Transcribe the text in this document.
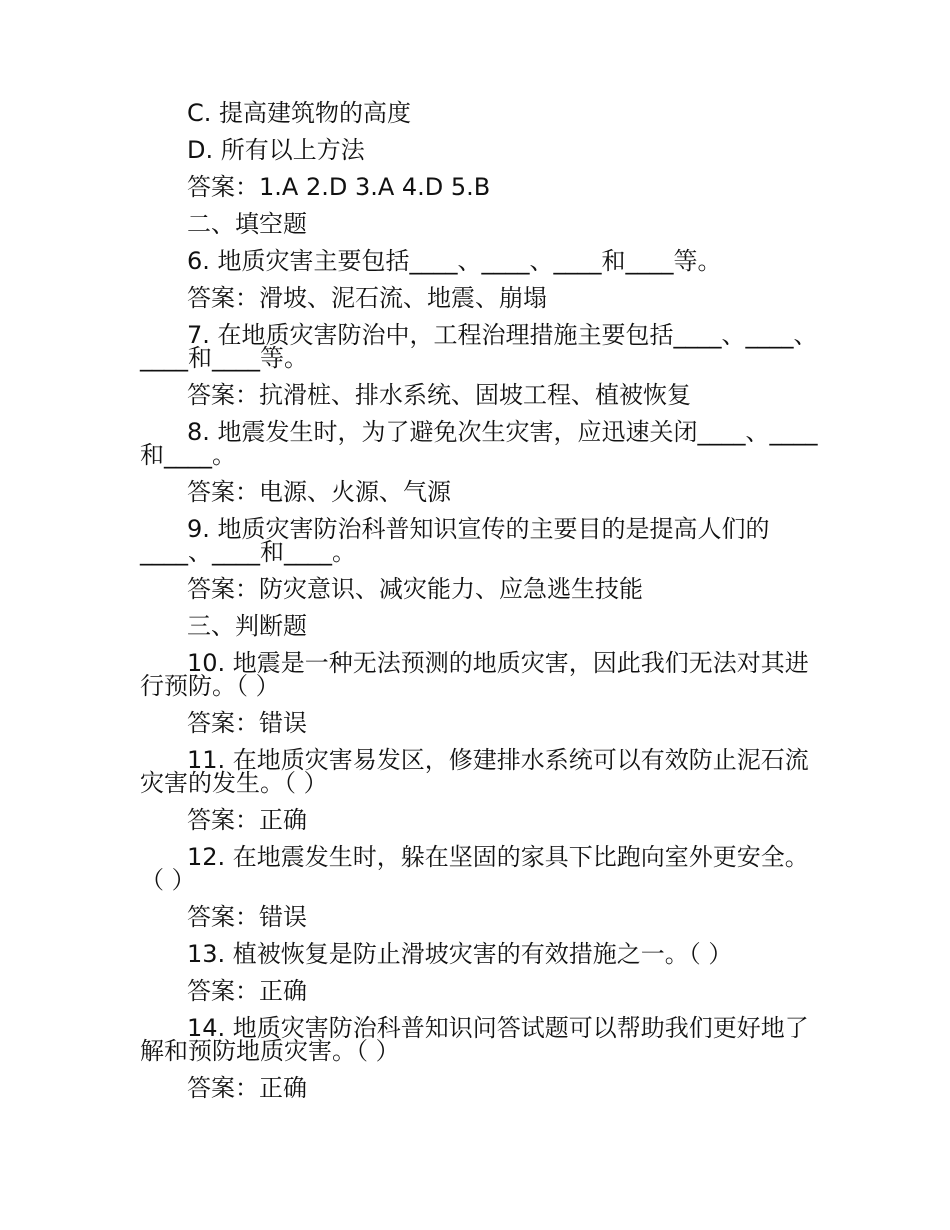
C. 提高建筑物的高度

D. 所有以上方法

答案：1.A 2.D 3.A 4.D 5.B

二、填空题

6. 地质灾害主要包括____、____、____和____等。

答案：滑坡、泥石流、地震、崩塌

7. 在地质灾害防治中，工程治理措施主要包括____、____、____和____等。

答案：抗滑桩、排水系统、固坡工程、植被恢复

8. 地震发生时，为了避免次生灾害，应迅速关闭____、____和____。

答案：电源、火源、气源

9. 地质灾害防治科普知识宣传的主要目的是提高人们的____、____和____。

答案：防灾意识、减灾能力、应急逃生技能

三、判断题

10. 地震是一种无法预测的地质灾害，因此我们无法对其进行预防。（ ）

答案：错误

11. 在地质灾害易发区，修建排水系统可以有效防止泥石流灾害的发生。（ ）

答案：正确

12. 在地震发生时，躲在坚固的家具下比跑向室外更安全。（ ）

答案：错误

13. 植被恢复是防止滑坡灾害的有效措施之一。（ ）

答案：正确

14. 地质灾害防治科普知识问答试题可以帮助我们更好地了解和预防地质灾害。（ ）

答案：正确
